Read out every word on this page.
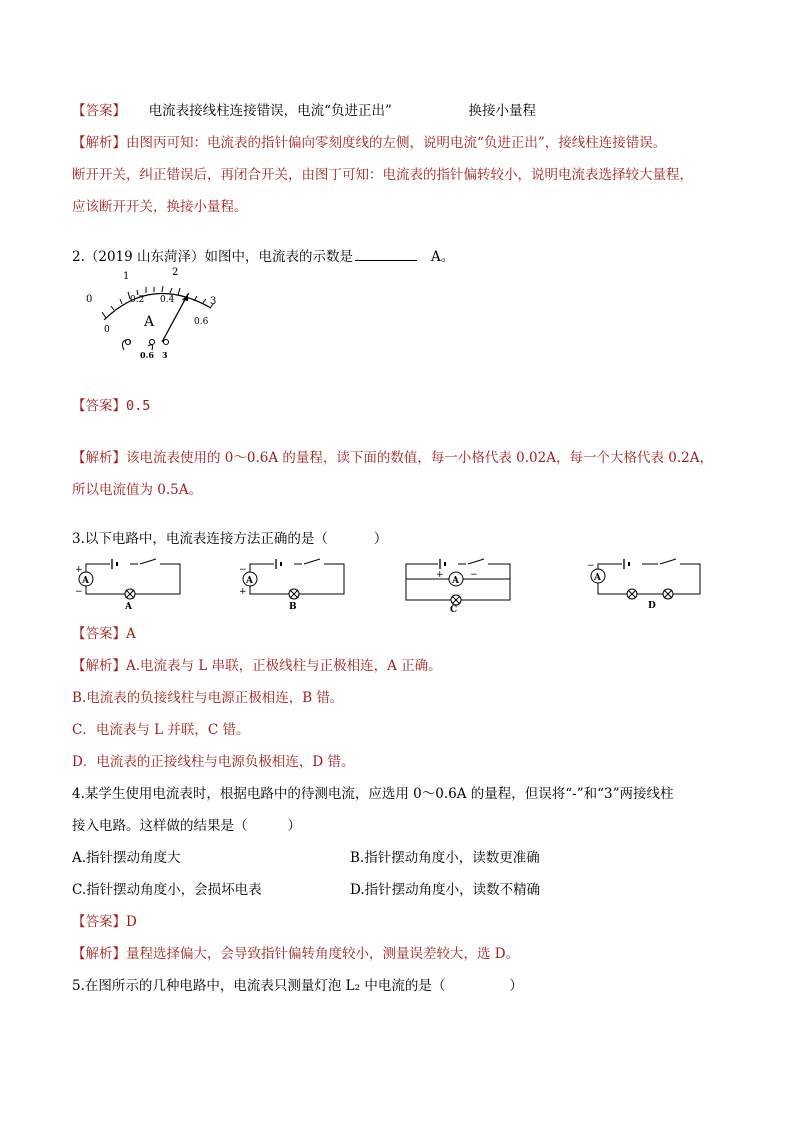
【答案】 电流表接线柱连接错误，电流“负进正出”	换接小量程
【解析】由图丙可知：电流表的指针偏向零刻度线的左侧，说明电流“负进正出”，接线柱连接错误。
断开开关，纠正错误后，再闭合开关，由图丁可知：电流表的指针偏转较小，说明电流表选择较大量程，
应该断开开关，换接小量程。
2.（2019 山东菏泽）如图中，电流表的示数是	A。
0
1	2
3
0
0.2 0.4
0.6
A
0.6 3
【答案】0.5
【解析】该电流表使用的 0～0.6A 的量程，读下面的数值，每一小格代表 0.02A，每一个大格代表 0.2A，
所以电流值为 0.5A。
3.以下电路中，电流表连接方法正确的是（	）
A
+
−
A
A
−
+
B
A
+	−
C
A
−
D
【答案】A
【解析】A.电流表与 L 串联，正极线柱与正极相连，A 正确。
B.电流表的负接线柱与电源正极相连，B 错。
C．电流表与 L 并联，C 错。
D．电流表的正接线柱与电源负极相连，D 错。
4.某学生使用电流表时，根据电路中的待测电流，应选用 0～0.6A 的量程，但误将“-”和“3”两接线柱
接入电路。这样做的结果是（	）
A.指针摆动角度大	B.指针摆动角度小，读数更准确
C.指针摆动角度小，会损坏电表	D.指针摆动角度小，读数不精确
【答案】D
【解析】量程选择偏大，会导致指针偏转角度较小，测量误差较大，选 D。
5.在图所示的几种电路中，电流表只测量灯泡 L₂ 中电流的是（	）
